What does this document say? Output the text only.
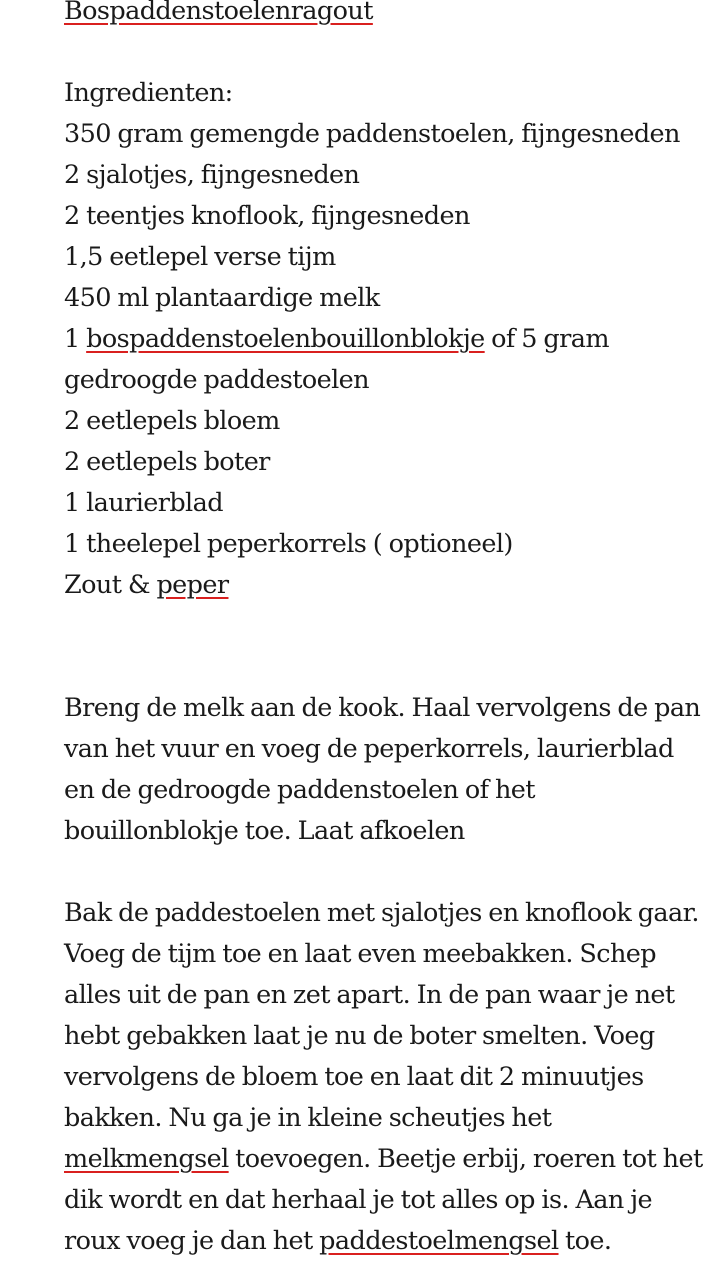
Bospaddenstoelenragout
Ingredienten:
350 gram gemengde paddenstoelen, fijngesneden
2 sjalotjes, fijngesneden
2 teentjes knoflook, fijngesneden
1,5 eetlepel verse tijm
450 ml plantaardige melk
1 bospaddenstoelenbouillonblokje of 5 gram
gedroogde paddestoelen
2 eetlepels bloem
2 eetlepels boter
1 laurierblad
1 theelepel peperkorrels ( optioneel)
Zout & peper
Breng de melk aan de kook. Haal vervolgens de pan
van het vuur en voeg de peperkorrels, laurierblad
en de gedroogde paddenstoelen of het
bouillonblokje toe. Laat afkoelen
Bak de paddestoelen met sjalotjes en knoflook gaar.
Voeg de tijm toe en laat even meebakken. Schep
alles uit de pan en zet apart. In de pan waar je net
hebt gebakken laat je nu de boter smelten. Voeg
vervolgens de bloem toe en laat dit 2 minuutjes
bakken. Nu ga je in kleine scheutjes het
melkmengsel toevoegen. Beetje erbij, roeren tot het
dik wordt en dat herhaal je tot alles op is. Aan je
roux voeg je dan het paddestoelmengsel toe.
